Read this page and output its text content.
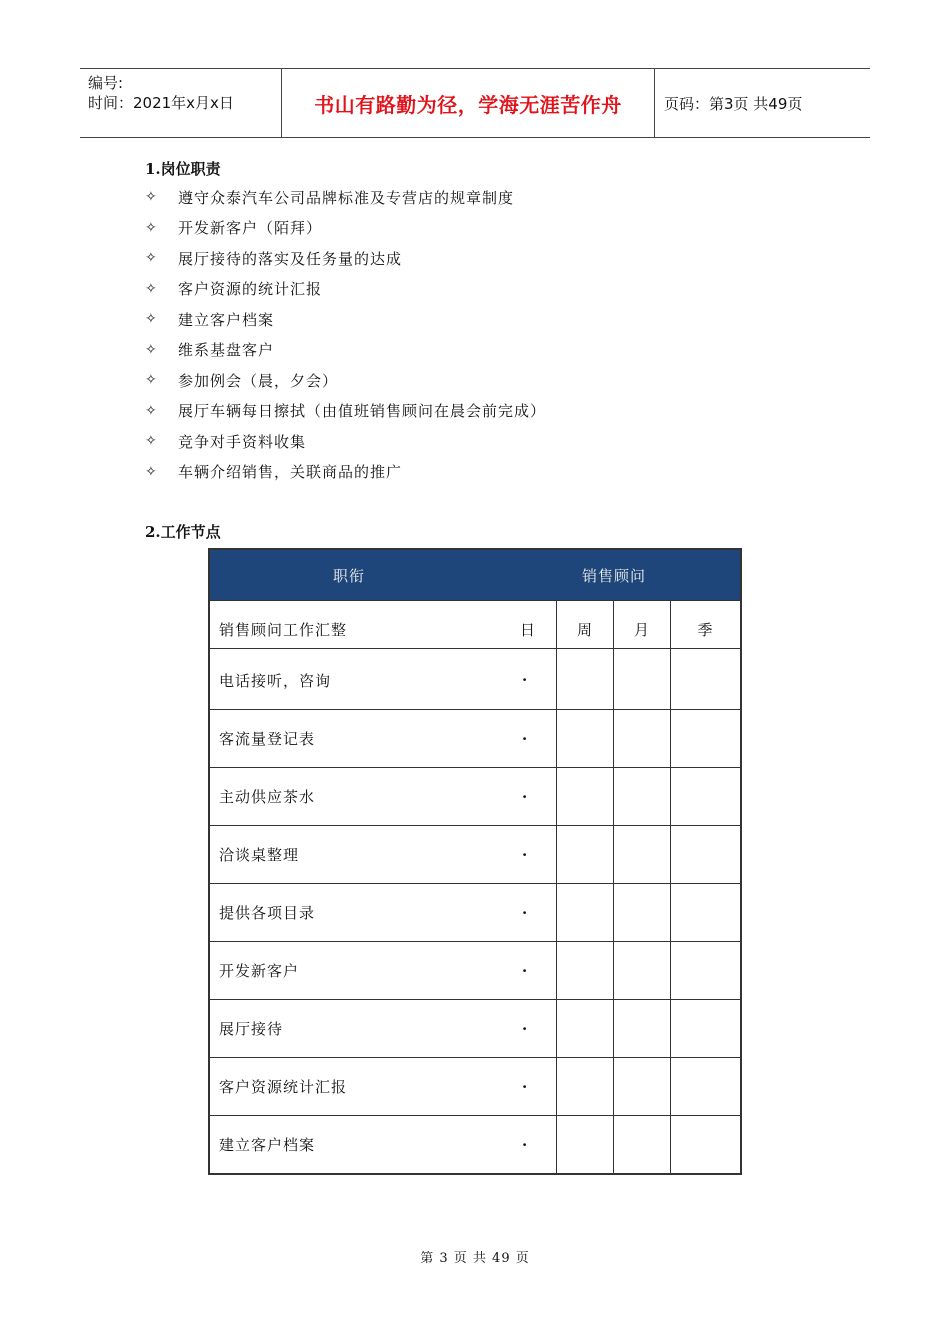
编号:
时间：2021年x月x日	书山有路勤为径，学海无涯苦作舟	页码：第3页 共49页
1.岗位职责
✧	遵守众泰汽车公司品牌标准及专营店的规章制度
✧	开发新客户（陌拜）
✧	展厅接待的落实及任务量的达成
✧	客户资源的统计汇报
✧	建立客户档案
✧	维系基盘客户
✧	参加例会（晨，夕会）
✧	展厅车辆每日擦拭（由值班销售顾问在晨会前完成）
✧	竞争对手资料收集
✧	车辆介绍销售，关联商品的推广
2.工作节点
职衔	销售顾问
销售顾问工作汇整	日	周	月	季
电话接听，咨询	·
客流量登记表	·
主动供应茶水	·
洽谈桌整理	·
提供各项目录	·
开发新客户	·
展厅接待	·
客户资源统计汇报	·
建立客户档案	·
第 3 页 共 49 页
